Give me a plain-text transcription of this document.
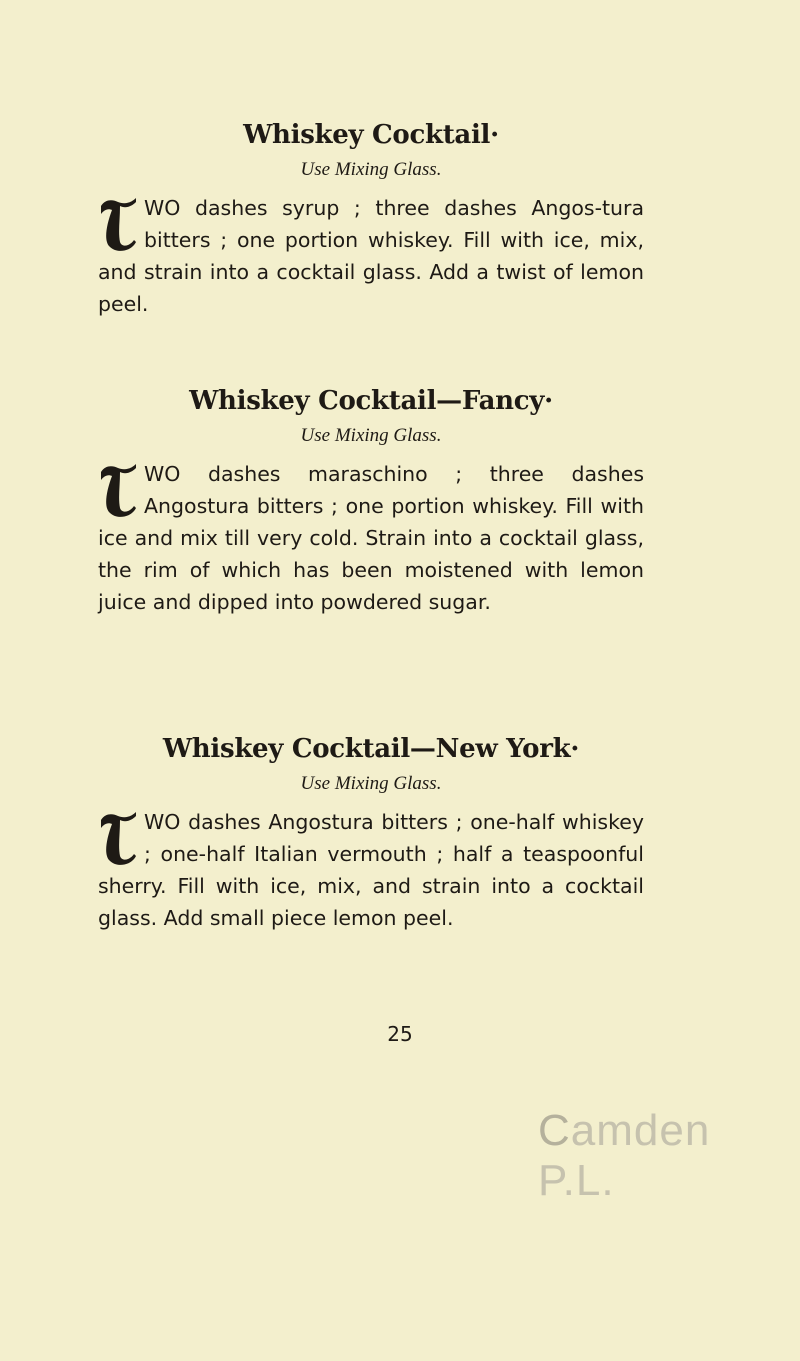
Whiskey Cocktail·

Use Mixing Glass.

WO dashes syrup ; three dashes Angos-tura bitters ; one portion whiskey. Fill with ice, mix, and strain into a cocktail glass. Add a twist of lemon peel.

Whiskey Cocktail—Fancy·

Use Mixing Glass.

WO dashes maraschino ; three dashes Angostura bitters ; one portion whiskey. Fill with ice and mix till very cold. Strain into a cocktail glass, the rim of which has been moistened with lemon juice and dipped into powdered sugar.

Whiskey Cocktail—New York·

Use Mixing Glass.

WO dashes Angostura bitters ; one-half whiskey ; one-half Italian vermouth ; half a teaspoonful sherry. Fill with ice, mix, and strain into a cocktail glass. Add small piece lemon peel.

25
Camden P.L.
